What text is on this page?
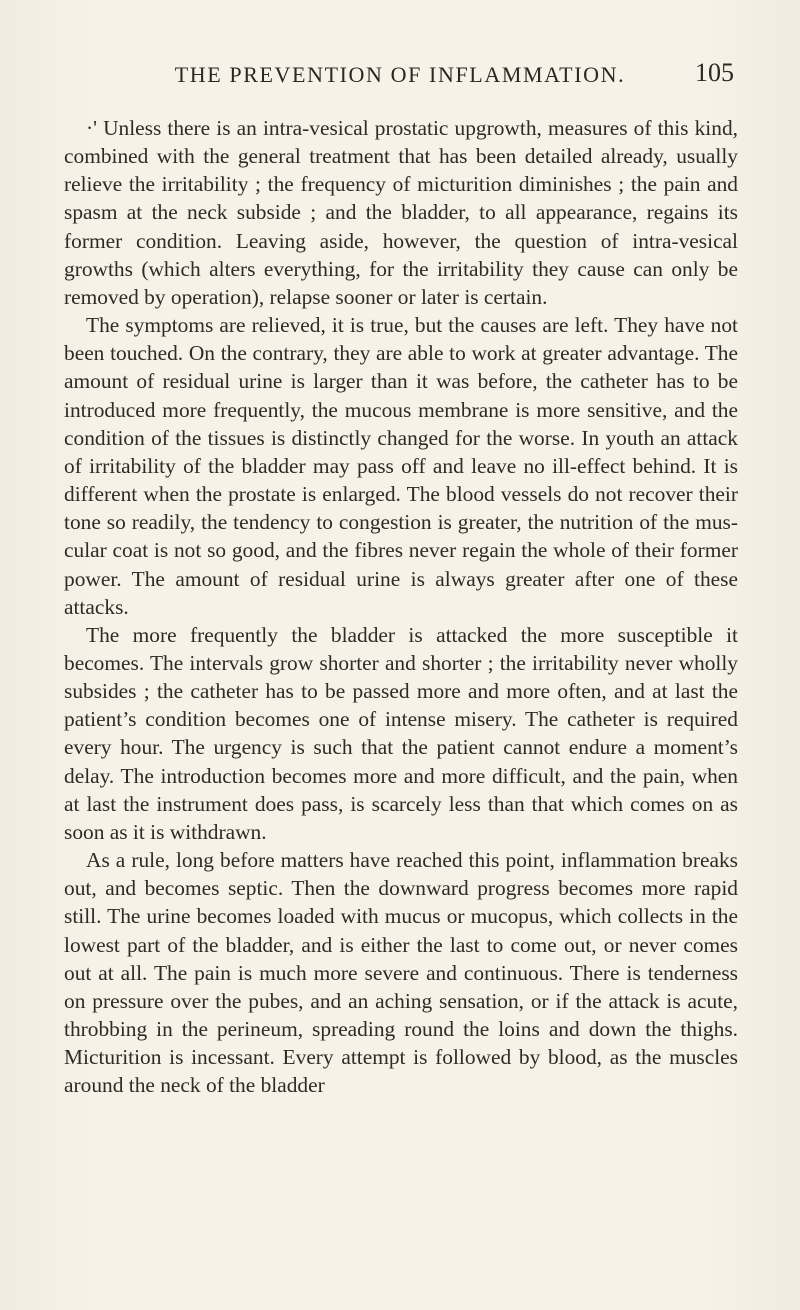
THE PREVENTION OF INFLAMMATION.	105

·' Unless there is an intra-vesical prostatic upgrowth, measures of this kind, combined with the general treatment that has been detailed already, usually relieve the irritability ; the frequency of micturition diminishes ; the pain and spasm at the neck subside ; and the bladder, to all appearance, regains its former condition. Leaving aside, however, the question of intra-vesical growths (which alters everything, for the irritability they cause can only be removed by operation), relapse sooner or later is certain.

The symptoms are relieved, it is true, but the causes are left. They have not been touched. On the contrary, they are able to work at greater advantage. The amount of residual urine is larger than it was before, the catheter has to be introduced more frequently, the mucous membrane is more sensitive, and the condition of the tissues is distinctly changed for the worse. In youth an attack of irritability of the bladder may pass off and leave no ill-effect behind. It is different when the prostate is enlarged. The blood vessels do not recover their tone so readily, the tendency to congestion is greater, the nutrition of the muscular coat is not so good, and the fibres never regain the whole of their former power. The amount of residual urine is always greater after one of these attacks.

The more frequently the bladder is attacked the more susceptible it becomes. The intervals grow shorter and shorter ; the irritability never wholly subsides ; the catheter has to be passed more and more often, and at last the patient’s condition becomes one of intense misery. The catheter is required every hour. The urgency is such that the patient cannot endure a moment’s delay. The introduction becomes more and more difficult, and the pain, when at last the instrument does pass, is scarcely less than that which comes on as soon as it is withdrawn.

As a rule, long before matters have reached this point, inflammation breaks out, and becomes septic. Then the downward progress becomes more rapid still. The urine becomes loaded with mucus or mucopus, which collects in the lowest part of the bladder, and is either the last to come out, or never comes out at all. The pain is much more severe and continuous. There is tenderness on pressure over the pubes, and an aching sensation, or if the attack is acute, throbbing in the perineum, spreading round the loins and down the thighs. Micturition is incessant. Every attempt is followed by blood, as the muscles around the neck of the bladder
